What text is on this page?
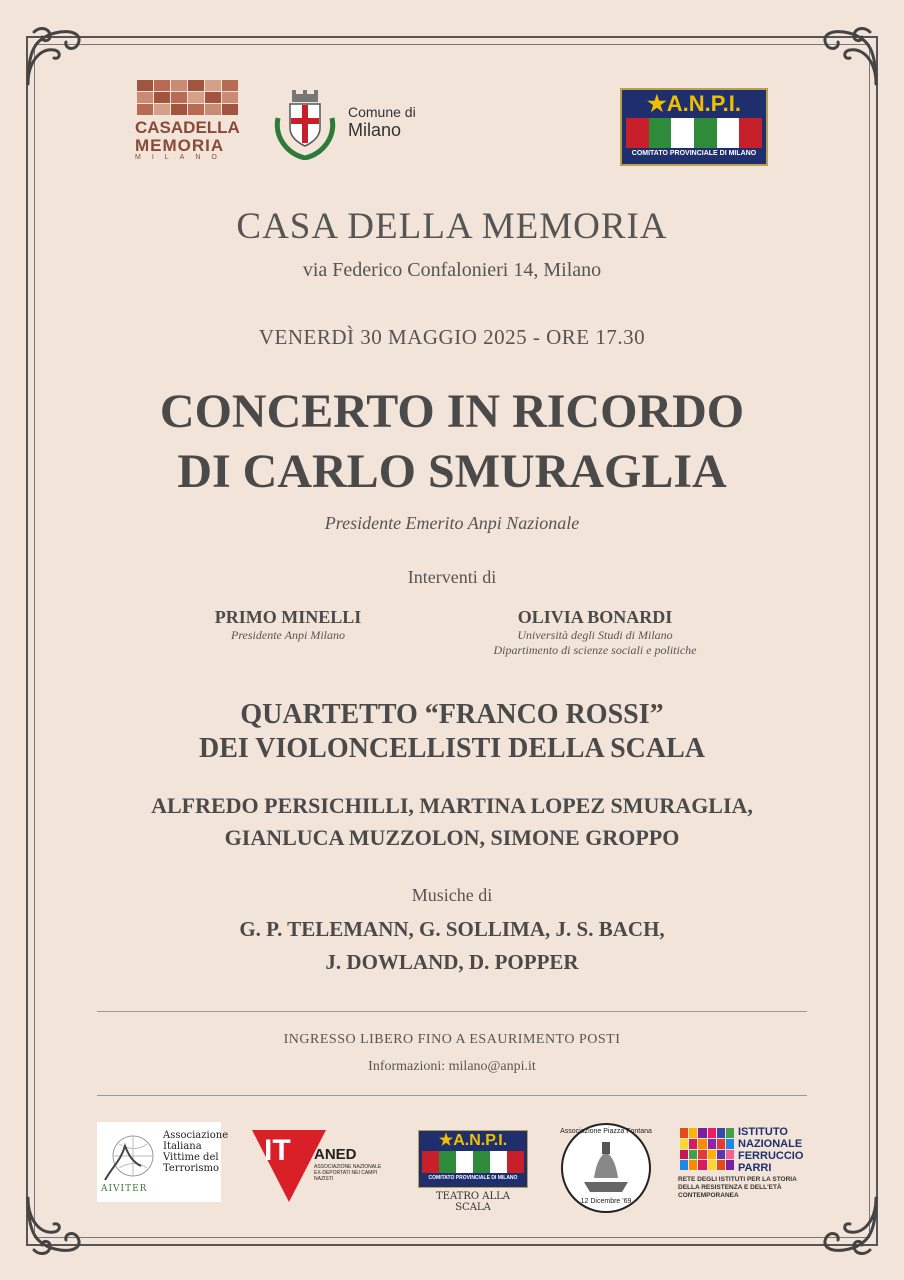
CASADELLA
MEMORIA
MILANO
Comune di
Milano
★A.N.P.I.
COMITATO PROVINCIALE DI MILANO
CASA DELLA MEMORIA
via Federico Confalonieri 14, Milano
VENERDÌ 30 MAGGIO 2025 - ORE 17.30
CONCERTO IN RICORDO
DI CARLO SMURAGLIA
Presidente Emerito Anpi Nazionale
Interventi di
PRIMO MINELLI
Presidente Anpi Milano
OLIVIA BONARDI
Università degli Studi di Milano
Dipartimento di scienze sociali e politiche
QUARTETTO “FRANCO ROSSI”
DEI VIOLONCELLISTI DELLA SCALA
ALFREDO PERSICHILLI, MARTINA LOPEZ SMURAGLIA,
GIANLUCA MUZZOLON, SIMONE GROPPO
Musiche di
G. P. TELEMANN, G. SOLLIMA, J. S. BACH,
J. DOWLAND, D. POPPER
INGRESSO LIBERO FINO A ESAURIMENTO POSTI
Informazioni: milano@anpi.it
Associazione
Italiana
Vittime del
Terrorismo
AIVITER
IT ANED
ASSOCIAZIONE NAZIONALE
EX-DEPORTATI NEI CAMPI NAZISTI
★A.N.P.I.
COMITATO PROVINCIALE DI MILANO
TEATRO ALLA SCALA
Associazione Piazza Fontana
12 Dicembre '69
ISTITUTO
NAZIONALE
FERRUCCIO
PARRI
RETE DEGLI ISTITUTI PER LA STORIA
DELLA RESISTENZA E DELL'ETÀ
CONTEMPORANEA
